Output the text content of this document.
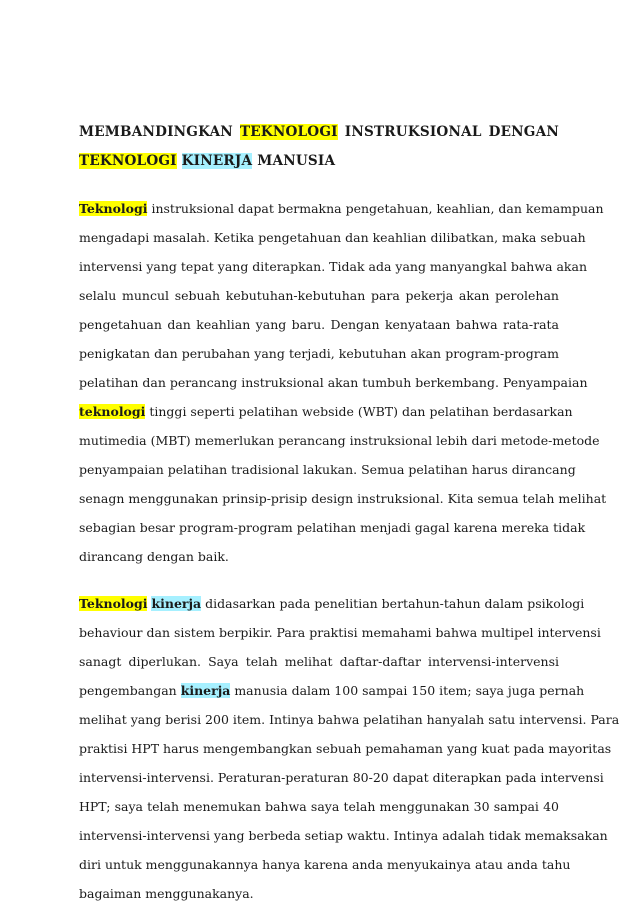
MEMBANDINGKAN TEKNOLOGI INSTRUKSIONAL DENGAN
TEKNOLOGI KINERJA MANUSIA

Teknologi instruksional dapat bermakna pengetahuan, keahlian, dan kemampuan
mengadapi masalah. Ketika pengetahuan dan keahlian dilibatkan, maka sebuah
intervensi yang tepat yang diterapkan. Tidak ada yang manyangkal bahwa akan
selalu muncul sebuah kebutuhan-kebutuhan para pekerja akan perolehan
pengetahuan dan keahlian yang baru. Dengan kenyataan bahwa rata-rata
penigkatan dan perubahan yang terjadi, kebutuhan akan program-program
pelatihan dan perancang instruksional akan tumbuh berkembang. Penyampaian
teknologi tinggi seperti pelatihan webside (WBT) dan pelatihan berdasarkan
mutimedia (MBT) memerlukan perancang instruksional lebih dari metode-metode
penyampaian pelatihan tradisional lakukan. Semua pelatihan harus dirancang
senagn menggunakan prinsip-prisip design instruksional. Kita semua telah melihat
sebagian besar program-program pelatihan menjadi gagal karena mereka tidak
dirancang dengan baik.

Teknologi kinerja didasarkan pada penelitian bertahun-tahun dalam psikologi
behaviour dan sistem berpikir. Para praktisi memahami bahwa multipel intervensi
sanagt diperlukan. Saya telah melihat daftar-daftar intervensi-intervensi
pengembangan kinerja manusia dalam 100 sampai 150 item; saya juga pernah
melihat yang berisi 200 item. Intinya bahwa pelatihan hanyalah satu intervensi. Para
praktisi HPT harus mengembangkan sebuah pemahaman yang kuat pada mayoritas
intervensi-intervensi. Peraturan-peraturan 80-20 dapat diterapkan pada intervensi
HPT; saya telah menemukan bahwa saya telah menggunakan 30 sampai 40
intervensi-intervensi yang berbeda setiap waktu. Intinya adalah tidak memaksakan
diri untuk menggunakannya hanya karena anda menyukainya atau anda tahu
bagaiman menggunakanya.
